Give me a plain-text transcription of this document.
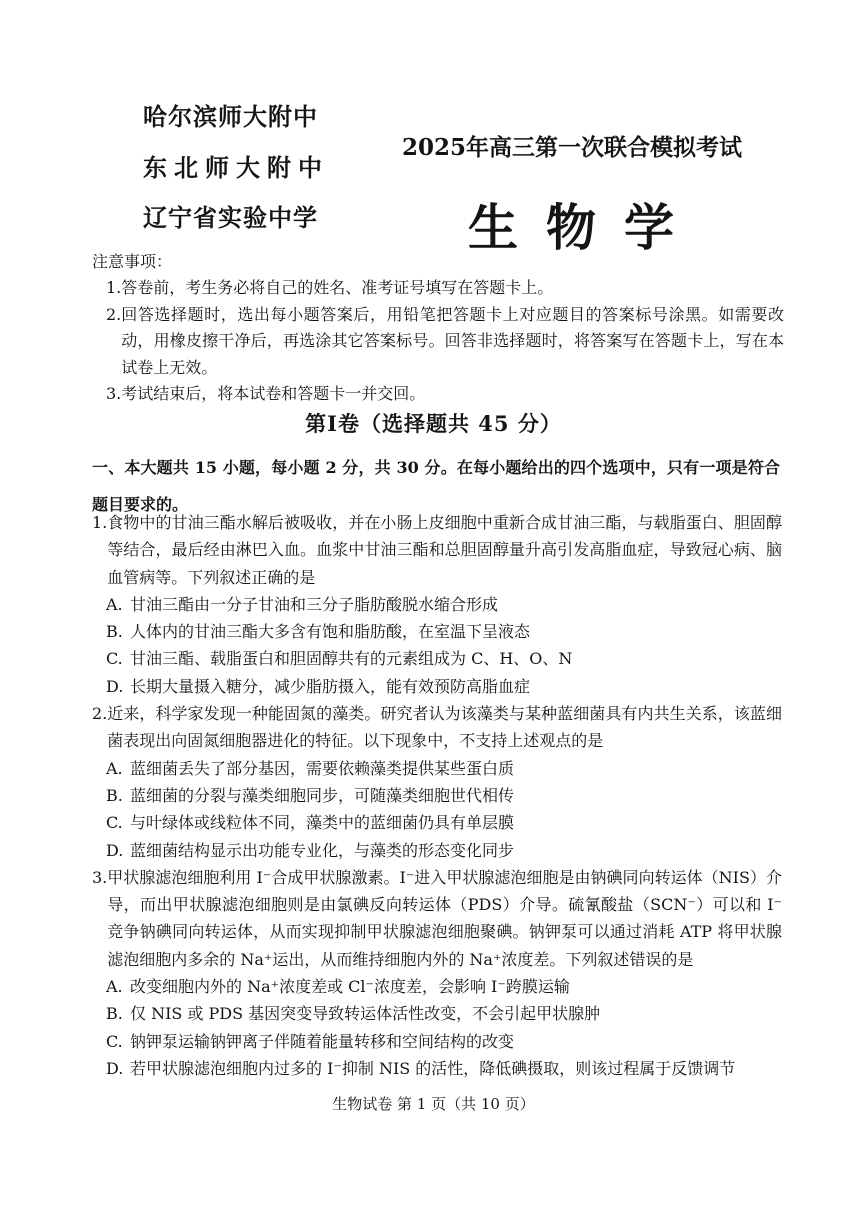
哈尔滨师大附中
东北师大附中
辽宁省实验中学
2025年高三第一次联合模拟考试
生物学
注意事项：
1. 答卷前，考生务必将自己的姓名、准考证号填写在答题卡上。
2. 回答选择题时，选出每小题答案后，用铅笔把答题卡上对应题目的答案标号涂黑。如需要改动，用橡皮擦干净后，再选涂其它答案标号。回答非选择题时，将答案写在答题卡上，写在本试卷上无效。
3. 考试结束后，将本试卷和答题卡一并交回。
第Ⅰ卷（选择题共 45 分）
一、本大题共 15 小题，每小题 2 分，共 30 分。在每小题给出的四个选项中，只有一项是符合题目要求的。
1. 食物中的甘油三酯水解后被吸收，并在小肠上皮细胞中重新合成甘油三酯，与载脂蛋白、胆固醇等结合，最后经由淋巴入血。血浆中甘油三酯和总胆固醇量升高引发高脂血症，导致冠心病、脑血管病等。下列叙述正确的是
A. 甘油三酯由一分子甘油和三分子脂肪酸脱水缩合形成
B. 人体内的甘油三酯大多含有饱和脂肪酸，在室温下呈液态
C. 甘油三酯、载脂蛋白和胆固醇共有的元素组成为 C、H、O、N
D. 长期大量摄入糖分，减少脂肪摄入，能有效预防高脂血症
2. 近来，科学家发现一种能固氮的藻类。研究者认为该藻类与某种蓝细菌具有内共生关系，该蓝细菌表现出向固氮细胞器进化的特征。以下现象中，不支持上述观点的是
A. 蓝细菌丢失了部分基因，需要依赖藻类提供某些蛋白质
B. 蓝细菌的分裂与藻类细胞同步，可随藻类细胞世代相传
C. 与叶绿体或线粒体不同，藻类中的蓝细菌仍具有单层膜
D. 蓝细菌结构显示出功能专业化，与藻类的形态变化同步
3. 甲状腺滤泡细胞利用 I⁻合成甲状腺激素。I⁻进入甲状腺滤泡细胞是由钠碘同向转运体（NIS）介导，而出甲状腺滤泡细胞则是由氯碘反向转运体（PDS）介导。硫氰酸盐（SCN⁻）可以和 I⁻竞争钠碘同向转运体，从而实现抑制甲状腺滤泡细胞聚碘。钠钾泵可以通过消耗 ATP 将甲状腺滤泡细胞内多余的 Na⁺运出，从而维持细胞内外的 Na⁺浓度差。下列叙述错误的是
A. 改变细胞内外的 Na⁺浓度差或 Cl⁻浓度差，会影响 I⁻跨膜运输
B. 仅 NIS 或 PDS 基因突变导致转运体活性改变，不会引起甲状腺肿
C. 钠钾泵运输钠钾离子伴随着能量转移和空间结构的改变
D. 若甲状腺滤泡细胞内过多的 I⁻抑制 NIS 的活性，降低碘摄取，则该过程属于反馈调节
生物试卷 第 1 页（共 10 页）
